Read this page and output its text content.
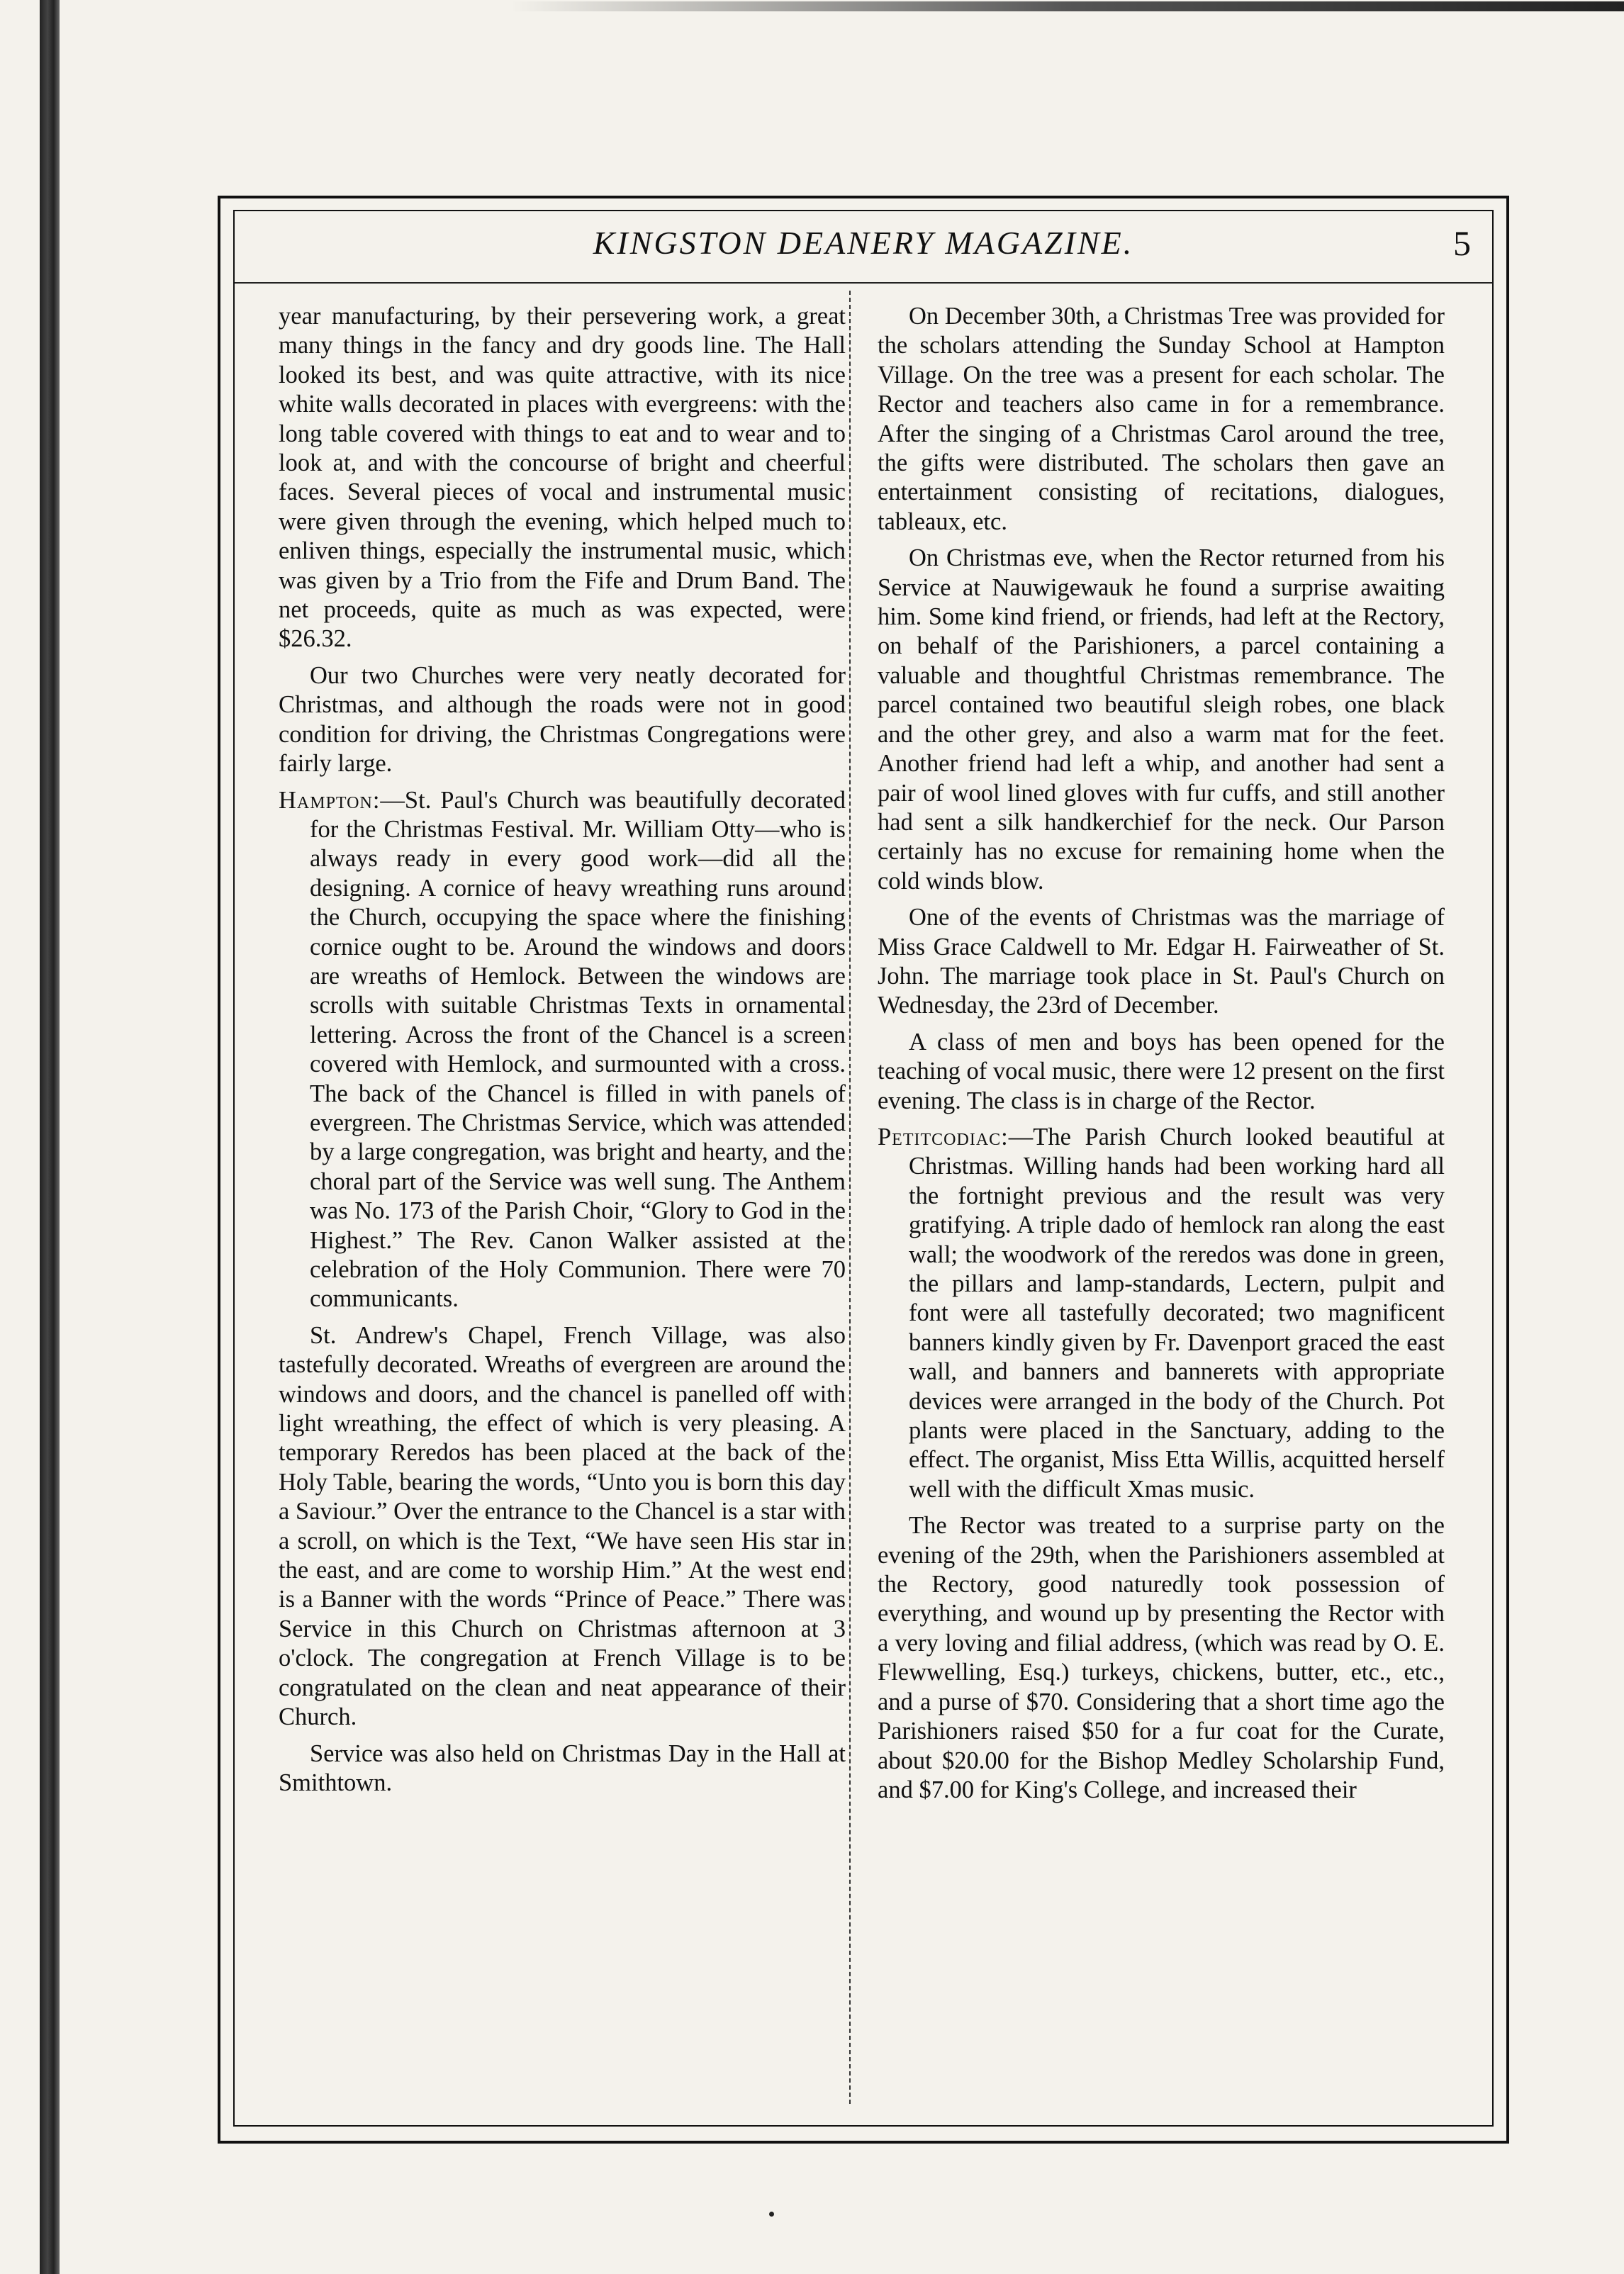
KINGSTON DEANERY MAGAZINE.	5

year manufacturing, by their persevering work, a great many things in the fancy and dry goods line. The Hall looked its best, and was quite attractive, with its nice white walls decorated in places with evergreens: with the long table covered with things to eat and to wear and to look at, and with the concourse of bright and cheerful faces. Several pieces of vocal and instrumental music were given through the evening, which helped much to enliven things, especially the instrumental music, which was given by a Trio from the Fife and Drum Band. The net proceeds, quite as much as was expected, were $26.32.

Our two Churches were very neatly decorated for Christmas, and although the roads were not in good condition for driving, the Christmas Congregations were fairly large.

Hampton:—St. Paul's Church was beautifully decorated for the Christmas Festival. Mr. William Otty—who is always ready in every good work—did all the designing. A cornice of heavy wreathing runs around the Church, occupying the space where the finishing cornice ought to be. Around the windows and doors are wreaths of Hemlock. Between the windows are scrolls with suitable Christmas Texts in ornamental lettering. Across the front of the Chancel is a screen covered with Hemlock, and surmounted with a cross. The back of the Chancel is filled in with panels of evergreen. The Christmas Service, which was attended by a large congregation, was bright and hearty, and the choral part of the Service was well sung. The Anthem was No. 173 of the Parish Choir, “Glory to God in the Highest.” The Rev. Canon Walker assisted at the celebration of the Holy Communion. There were 70 communicants.

St. Andrew's Chapel, French Village, was also tastefully decorated. Wreaths of evergreen are around the windows and doors, and the chancel is panelled off with light wreathing, the effect of which is very pleasing. A temporary Reredos has been placed at the back of the Holy Table, bearing the words, “Unto you is born this day a Saviour.” Over the entrance to the Chancel is a star with a scroll, on which is the Text, “We have seen His star in the east, and are come to worship Him.” At the west end is a Banner with the words “Prince of Peace.” There was Service in this Church on Christmas afternoon at 3 o'clock. The congregation at French Village is to be congratulated on the clean and neat appearance of their Church.

Service was also held on Christmas Day in the Hall at Smithtown.

On December 30th, a Christmas Tree was provided for the scholars attending the Sunday School at Hampton Village. On the tree was a present for each scholar. The Rector and teachers also came in for a remembrance. After the singing of a Christmas Carol around the tree, the gifts were distributed. The scholars then gave an entertainment consisting of recitations, dialogues, tableaux, etc.

On Christmas eve, when the Rector returned from his Service at Nauwigewauk he found a surprise awaiting him. Some kind friend, or friends, had left at the Rectory, on behalf of the Parishioners, a parcel containing a valuable and thoughtful Christmas remembrance. The parcel contained two beautiful sleigh robes, one black and the other grey, and also a warm mat for the feet. Another friend had left a whip, and another had sent a pair of wool lined gloves with fur cuffs, and still another had sent a silk handkerchief for the neck. Our Parson certainly has no excuse for remaining home when the cold winds blow.

One of the events of Christmas was the marriage of Miss Grace Caldwell to Mr. Edgar H. Fairweather of St. John. The marriage took place in St. Paul's Church on Wednesday, the 23rd of December.

A class of men and boys has been opened for the teaching of vocal music, there were 12 present on the first evening. The class is in charge of the Rector.

Petitcodiac:—The Parish Church looked beautiful at Christmas. Willing hands had been working hard all the fortnight previous and the result was very gratifying. A triple dado of hemlock ran along the east wall; the woodwork of the reredos was done in green, the pillars and lamp-standards, Lectern, pulpit and font were all tastefully decorated; two magnificent banners kindly given by Fr. Davenport graced the east wall, and banners and bannerets with appropriate devices were arranged in the body of the Church. Pot plants were placed in the Sanctuary, adding to the effect. The organist, Miss Etta Willis, acquitted herself well with the difficult Xmas music.

The Rector was treated to a surprise party on the evening of the 29th, when the Parishioners assembled at the Rectory, good naturedly took possession of everything, and wound up by presenting the Rector with a very loving and filial address, (which was read by O. E. Flewwelling, Esq.) turkeys, chickens, butter, etc., etc., and a purse of $70. Considering that a short time ago the Parishioners raised $50 for a fur coat for the Curate, about $20.00 for the Bishop Medley Scholarship Fund, and $7.00 for King's College, and increased their
